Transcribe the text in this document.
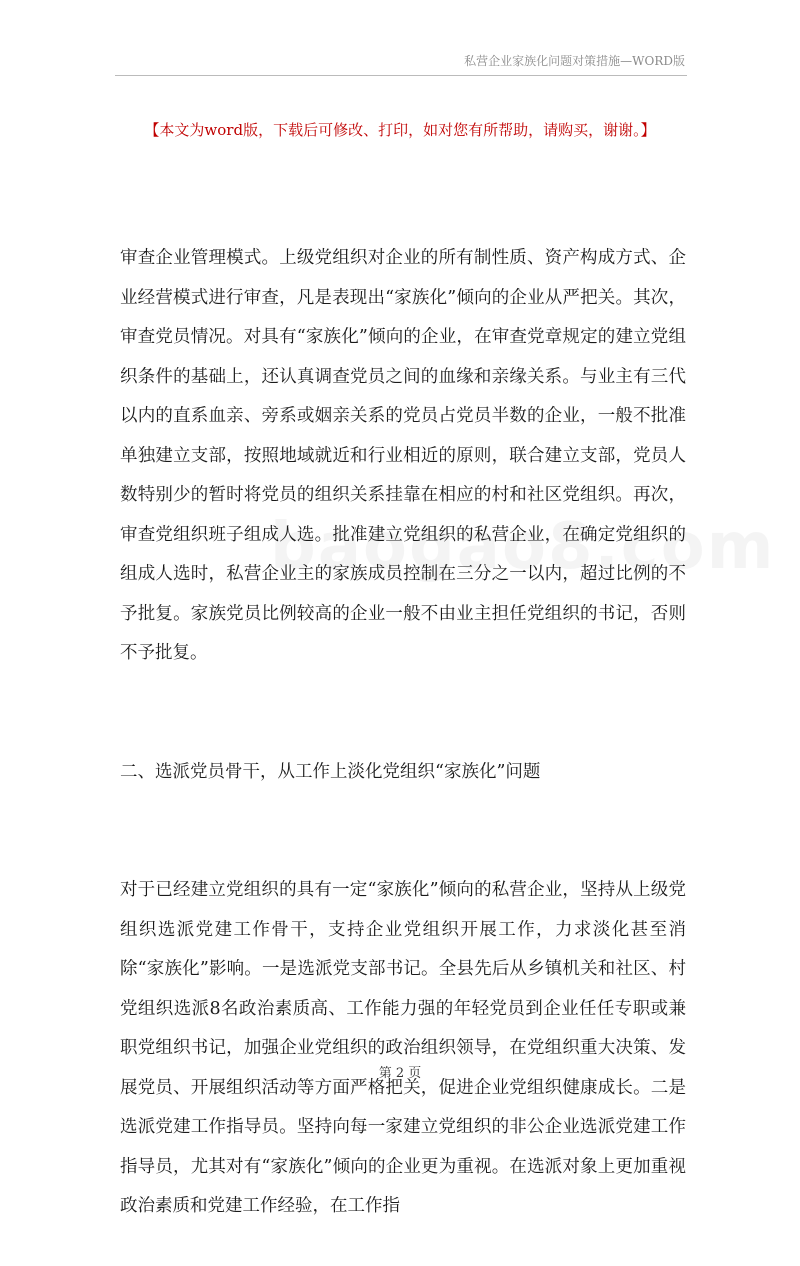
私营企业家族化问题对策措施—WORD版
【本文为word版，下载后可修改、打印，如对您有所帮助，请购买，谢谢。】

审查企业管理模式。上级党组织对企业的所有制性质、资产构成方式、企业经营模式进行审查，凡是表现出“家族化”倾向的企业从严把关。其次，审查党员情况。对具有“家族化”倾向的企业，在审查党章规定的建立党组织条件的基础上，还认真调查党员之间的血缘和亲缘关系。与业主有三代以内的直系血亲、旁系或姻亲关系的党员占党员半数的企业，一般不批准单独建立支部，按照地域就近和行业相近的原则，联合建立支部，党员人数特别少的暂时将党员的组织关系挂靠在相应的村和社区党组织。再次，审查党组织班子组成人选。批准建立党组织的私营企业，在确定党组织的组成人选时，私营企业主的家族成员控制在三分之一以内，超过比例的不予批复。家族党员比例较高的企业一般不由业主担任党组织的书记，否则不予批复。

二、选派党员骨干，从工作上淡化党组织“家族化”问题

对于已经建立党组织的具有一定“家族化”倾向的私营企业，坚持从上级党组织选派党建工作骨干，支持企业党组织开展工作，力求淡化甚至消除“家族化”影响。一是选派党支部书记。全县先后从乡镇机关和社区、村党组织选派8名政治素质高、工作能力强的年轻党员到企业任任专职或兼职党组织书记，加强企业党组织的政治组织领导，在党组织重大决策、发展党员、开展组织活动等方面严格把关，促进企业党组织健康成长。二是选派党建工作指导员。坚持向每一家建立党组织的非公企业选派党建工作指导员，尤其对有“家族化”倾向的企业更为重视。在选派对象上更加重视政治素质和党建工作经验，在工作指

第 2 页
